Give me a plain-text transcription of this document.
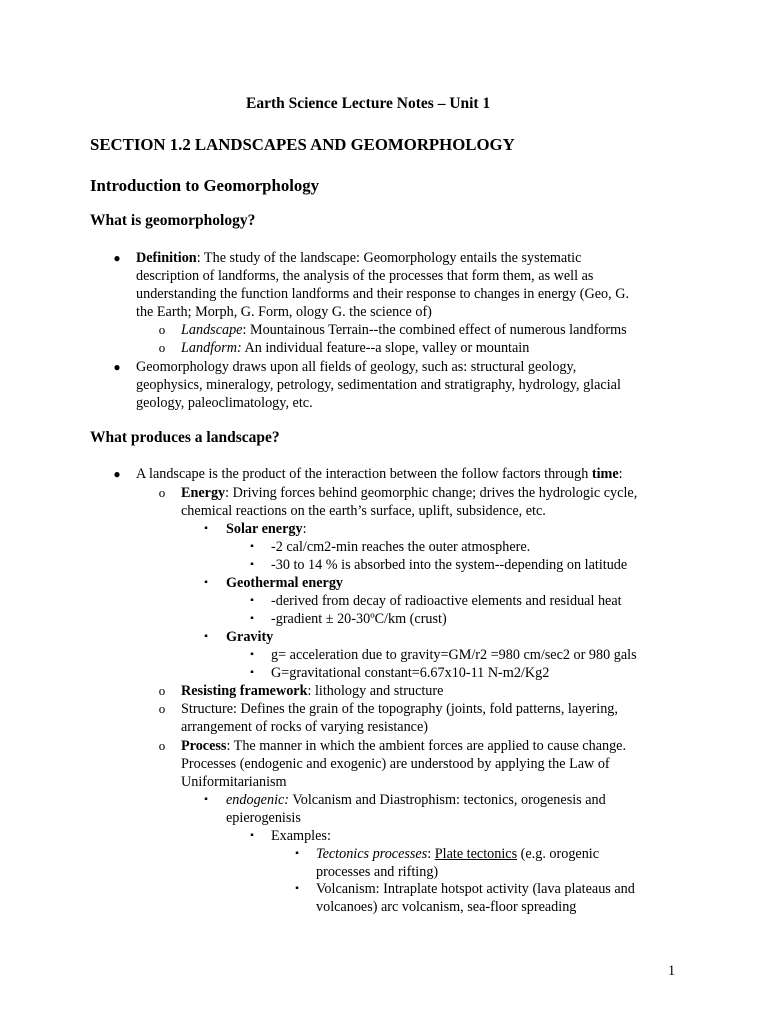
Earth Science Lecture Notes – Unit 1
SECTION 1.2 LANDSCAPES AND GEOMORPHOLOGY
Introduction to Geomorphology
What is geomorphology?
● Definition: The study of the landscape: Geomorphology entails the systematic
description of landforms, the analysis of the processes that form them, as well as
understanding the function landforms and their response to changes in energy (Geo, G.
the Earth; Morph, G. Form, ology G. the science of)
o Landscape: Mountainous Terrain--the combined effect of numerous landforms
o Landform: An individual feature--a slope, valley or mountain
● Geomorphology draws upon all fields of geology, such as: structural geology,
geophysics, mineralogy, petrology, sedimentation and stratigraphy, hydrology, glacial
geology, paleoclimatology, etc.
What produces a landscape?
● A landscape is the product of the interaction between the follow factors through time:
o Energy: Driving forces behind geomorphic change; drives the hydrologic cycle,
chemical reactions on the earth’s surface, uplift, subsidence, etc.
▪ Solar energy:
▪ -2 cal/cm2-min reaches the outer atmosphere.
▪ -30 to 14 % is absorbed into the system--depending on latitude
▪ Geothermal energy
▪ -derived from decay of radioactive elements and residual heat
▪ -gradient ± 20-30ºC/km (crust)
▪ Gravity
▪ g= acceleration due to gravity=GM/r2 =980 cm/sec2 or 980 gals
▪ G=gravitational constant=6.67x10-11 N-m2/Kg2
o Resisting framework: lithology and structure
o Structure: Defines the grain of the topography (joints, fold patterns, layering,
arrangement of rocks of varying resistance)
o Process: The manner in which the ambient forces are applied to cause change.
Processes (endogenic and exogenic) are understood by applying the Law of
Uniformitarianism
▪ endogenic: Volcanism and Diastrophism: tectonics, orogenesis and
epierogenisis
▪ Examples:
▪ Tectonics processes: Plate tectonics (e.g. orogenic
processes and rifting)
▪ Volcanism: Intraplate hotspot activity (lava plateaus and
volcanoes) arc volcanism, sea-floor spreading
1
